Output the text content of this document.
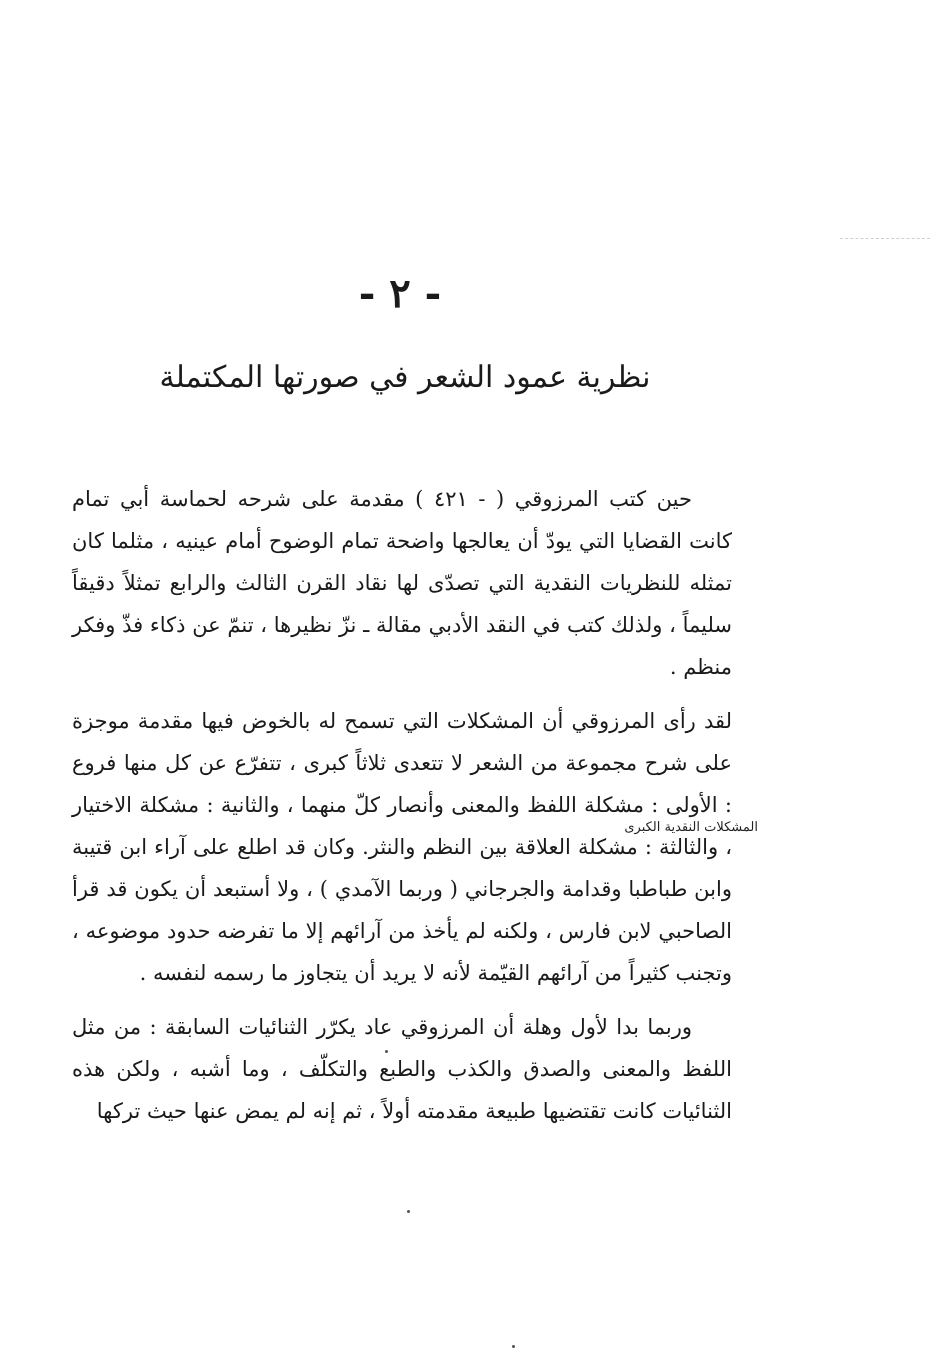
- ٢ -
نظرية عمود الشعر في صورتها المكتملة

حين كتب المرزوقي ( - ٤٢١ ) مقدمة على شرحه لحماسة أبي تمام كانت القضايا التي يودّ أن يعالجها واضحة تمام الوضوح أمام عينيه ، مثلما كان تمثله للنظريات النقدية التي تصدّى لها نقاد القرن الثالث والرابع تمثلاً دقيقاً سليماً ، ولذلك كتب في النقد الأدبي مقالة ـ نزّ نظيرها ، تنمّ عن ذكاء فذّ وفكر منظم .

لقد رأى المرزوقي أن المشكلات التي تسمح له بالخوض فيها مقدمة موجزة على شرح مجموعة من الشعر لا تتعدى ثلاثاً كبرى ، تتفرّع عن كل منها فروع : الأولى : مشكلة اللفظ والمعنى وأنصار كلّ منهما ، والثانية : مشكلة الاختيار ، والثالثة : مشكلة العلاقة بين النظم والنثر. وكان قد اطلع على آراء ابن قتيبة وابن طباطبا وقدامة والجرجاني ( وربما الآمدي ) ، ولا أستبعد أن يكون قد قرأ الصاحبي لابن فارس ، ولكنه لم يأخذ من آرائهم إلا ما تفرضه حدود موضوعه ، وتجنب كثيراً من آرائهم القيّمة لأنه لا يريد أن يتجاوز ما رسمه لنفسه .

وربما بدا لأول وهلة أن المرزوقي عاد يكرّر الثنائيات السابقة : من مثل اللفظ والمعنى والصدق والكذب والطبع والتكلّف ، وما أشبه ، ولكن هذه الثنائيات كانت تقتضيها طبيعة مقدمته أولاً ، ثم إنه لم يمض عنها حيث تركها

المشكلات النقدية الكبرى
